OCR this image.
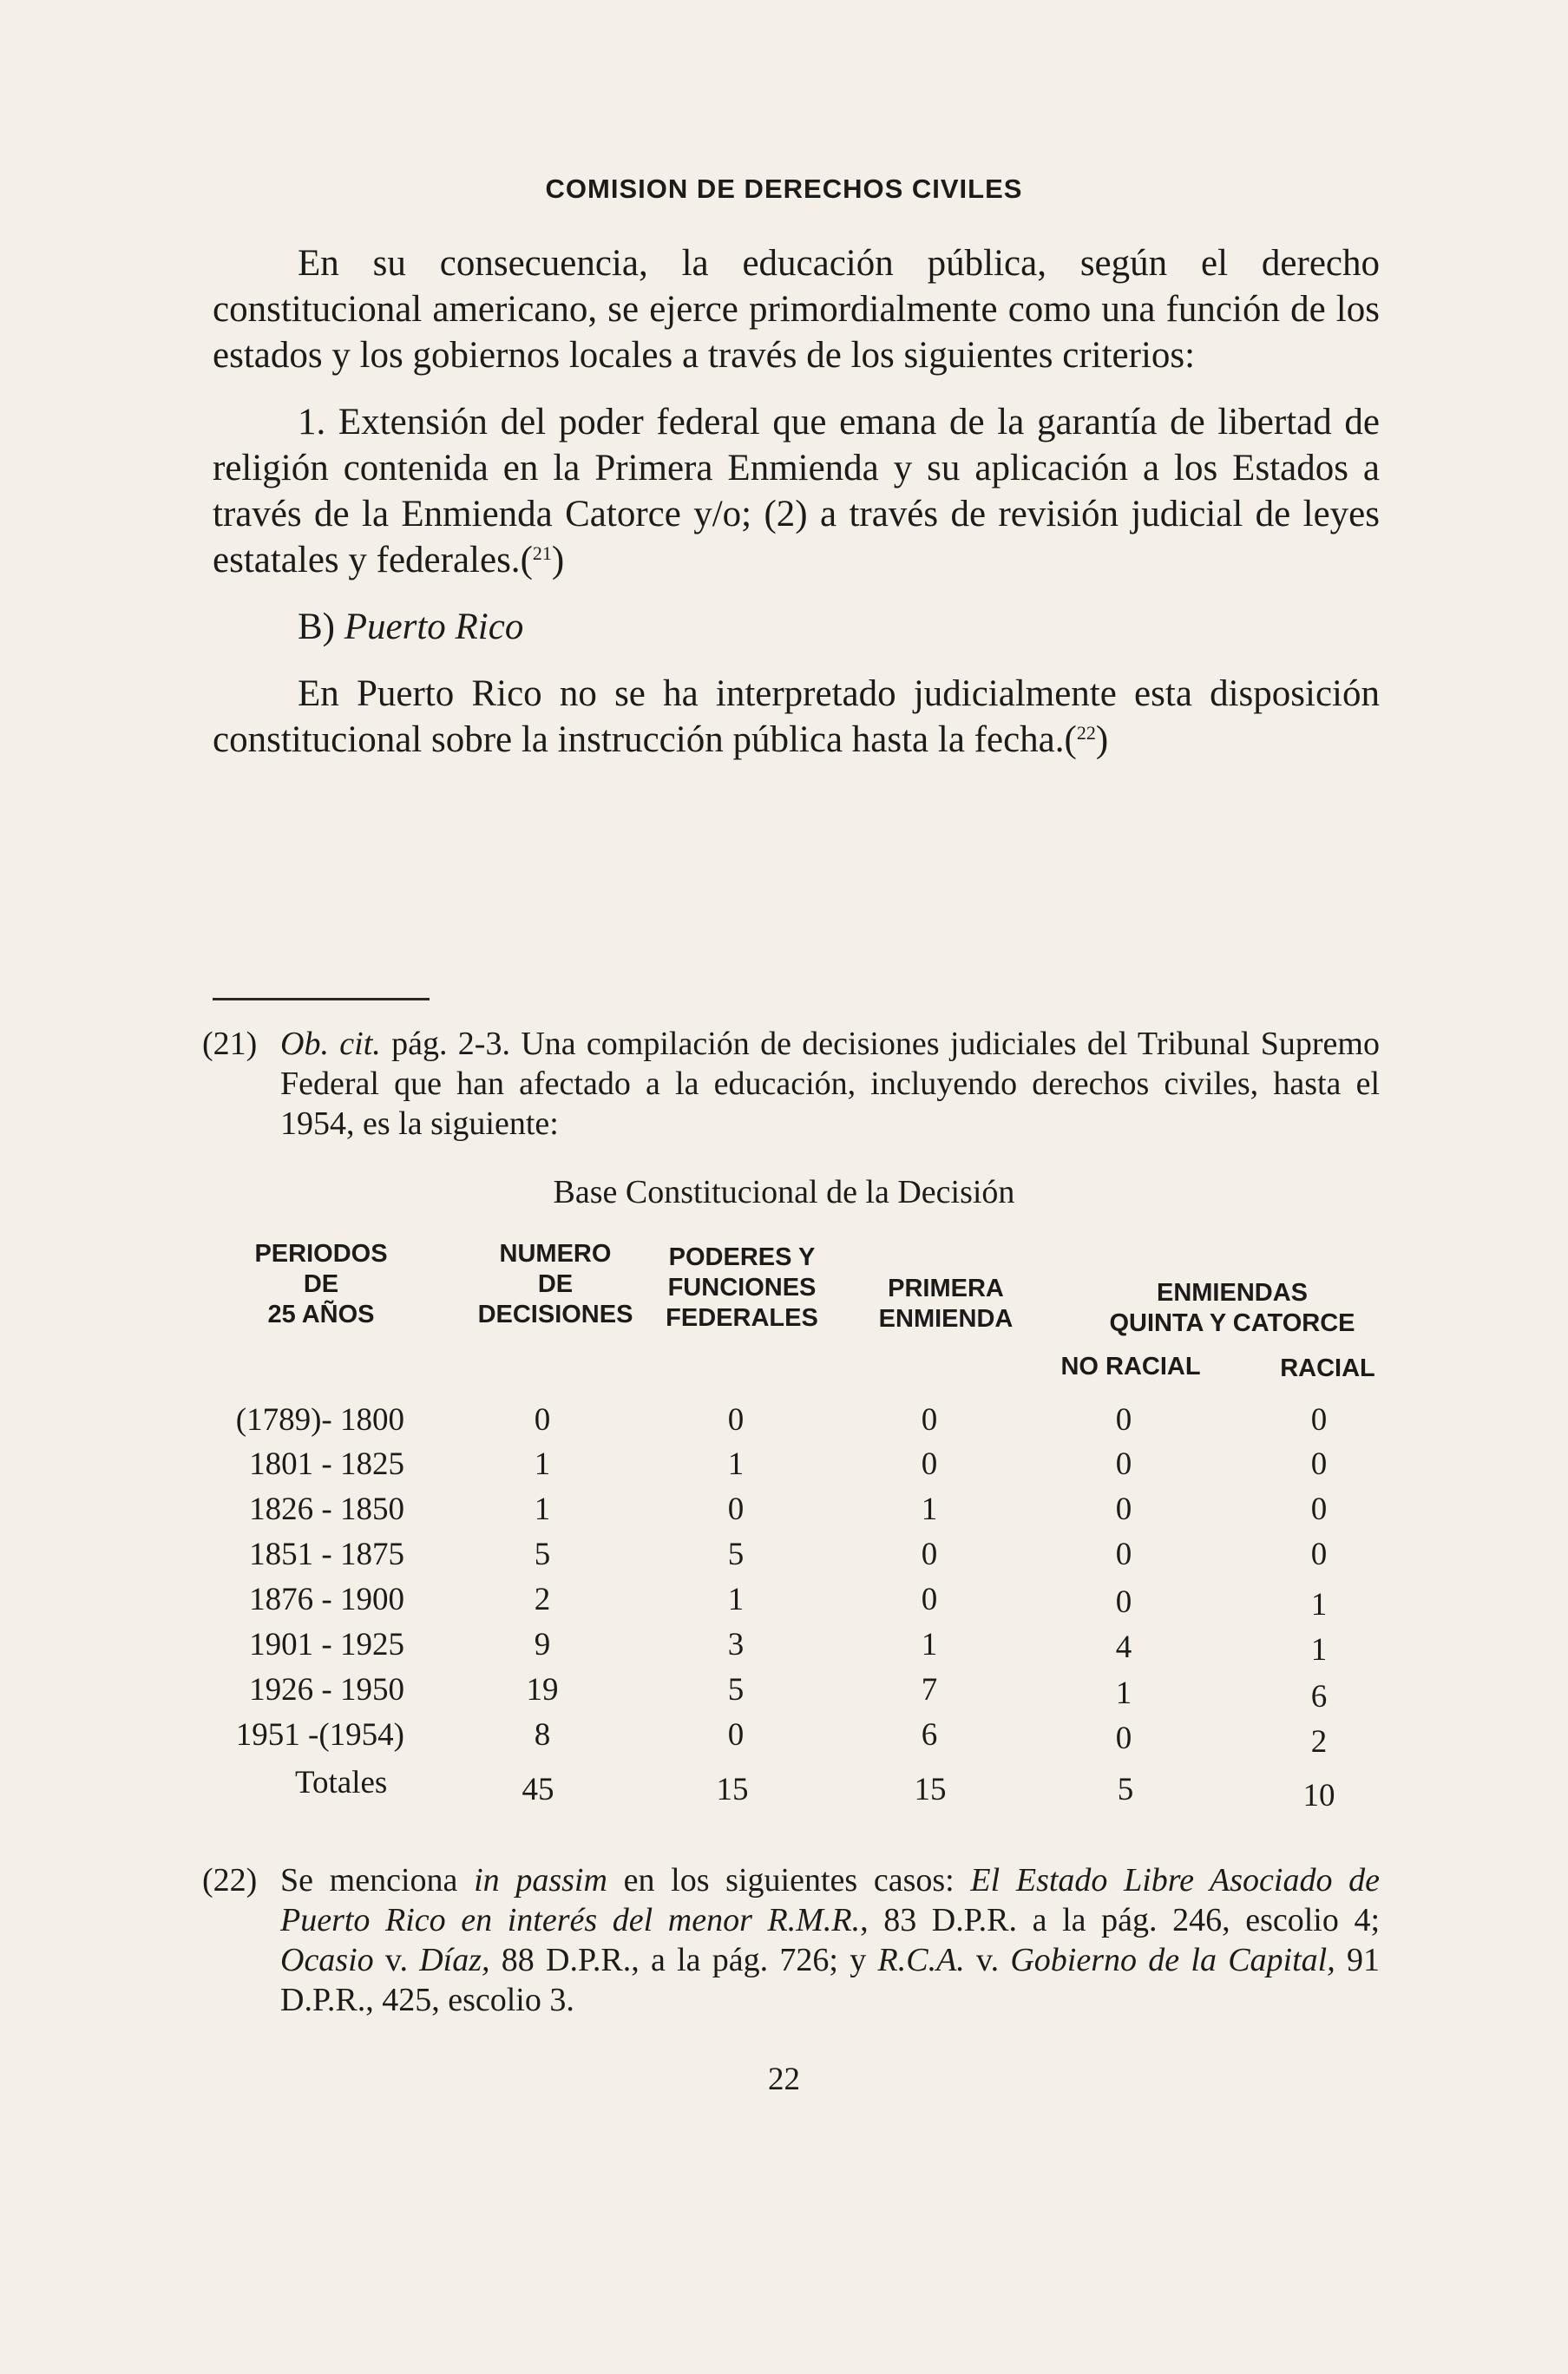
COMISION DE DERECHOS CIVILES

En su consecuencia, la educación pública, según el derecho constitucional americano, se ejerce primordialmente como una función de los estados y los gobiernos locales a través de los siguientes criterios:

1. Extensión del poder federal que emana de la garantía de libertad de religión contenida en la Primera Enmienda y su aplicación a los Estados a través de la Enmienda Catorce y/o; (2) a través de revisión judicial de leyes estatales y federales.($^{21}$)

B) Puerto Rico

En Puerto Rico no se ha interpretado judicialmente esta disposición constitucional sobre la instrucción pública hasta la fecha.($^{22}$)

(21) Ob. cit. pág. 2-3. Una compilación de decisiones judiciales del Tribunal Supremo Federal que han afectado a la educación, incluyendo derechos civiles, hasta el 1954, es la siguiente:
Base Constitucional de la Decisión
PERIODOS
DE
25 AÑOS
NUMERO
DE
DECISIONES
PODERES Y
FUNCIONES
FEDERALES
PRIMERA
ENMIENDA
ENMIENDAS
QUINTA Y CATORCE
NO RACIAL	RACIAL
(1789)- 1800	0	0	0	0	0
1801 - 1825	1	1	0	0	0
1826 - 1850	1	0	1	0	0
1851 - 1875	5	5	0	0	0
1876 - 1900	2	1	0	0	1
1901 - 1925	9	3	1	4	1
1926 - 1950	19	5	7	1	6
1951 -(1954)	8	0	6	0	2
Totales	45	15	15	5	10
(22) Se menciona in passim en los siguientes casos: El Estado Libre Asociado de Puerto Rico en interés del menor R.M.R., 83 D.P.R. a la pág. 246, escolio 4; Ocasio v. Díaz, 88 D.P.R., a la pág. 726; y R.C.A. v. Gobierno de la Capital, 91 D.P.R., 425, escolio 3.
22
